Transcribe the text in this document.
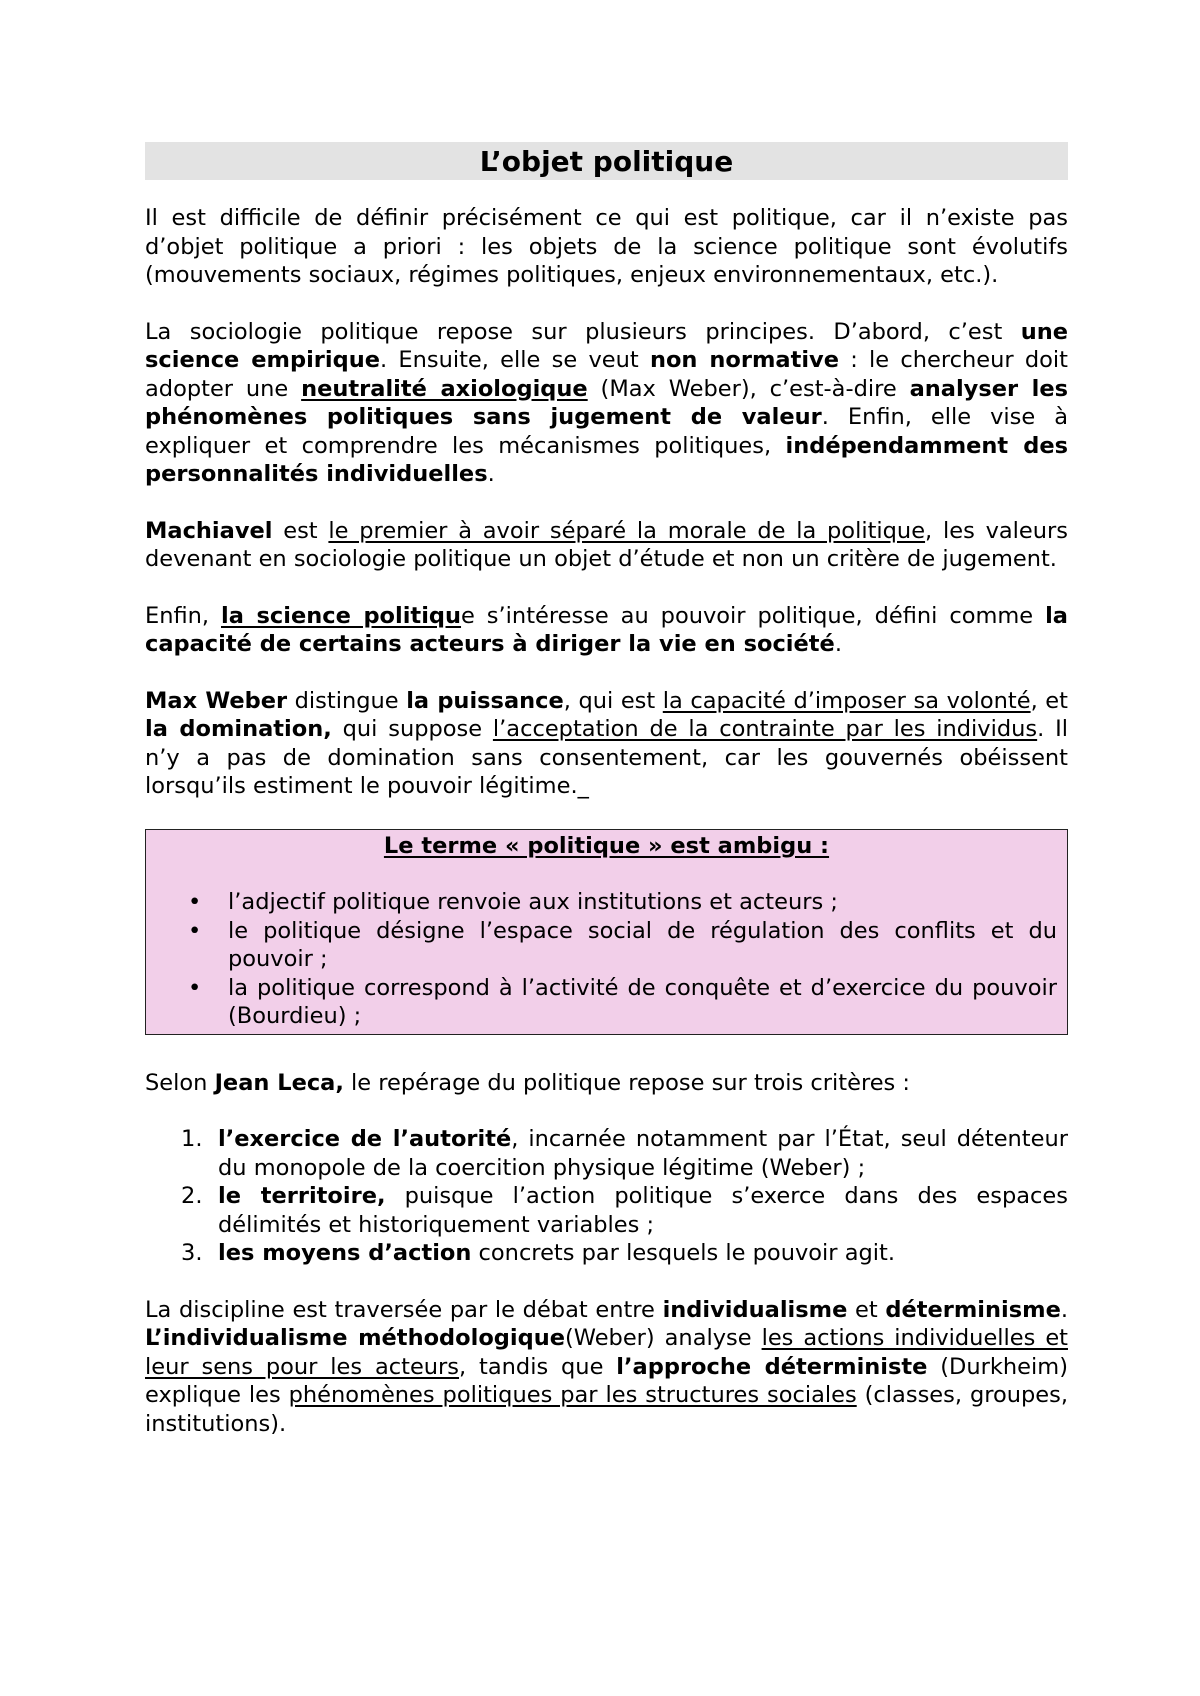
L’objet politique

Il est difficile de définir précisément ce qui est politique, car il n’existe pas d’objet politique a priori : les objets de la science politique sont évolutifs (mouvements sociaux, régimes politiques, enjeux environnementaux, etc.).

La sociologie politique repose sur plusieurs principes. D’abord, c’est une science empirique. Ensuite, elle se veut non normative : le chercheur doit adopter une neutralité axiologique (Max Weber), c’est-à-dire analyser les phénomènes politiques sans jugement de valeur. Enfin, elle vise à expliquer et comprendre les mécanismes politiques, indépendamment des personnalités individuelles.

Machiavel est le premier à avoir séparé la morale de la politique, les valeurs devenant en sociologie politique un objet d’étude et non un critère de jugement.

Enfin, la science politique s’intéresse au pouvoir politique, défini comme la capacité de certains acteurs à diriger la vie en société.

Max Weber distingue la puissance, qui est la capacité d’imposer sa volonté, et la domination, qui suppose l’acceptation de la contrainte par les individus. Il n’y a pas de domination sans consentement, car les gouvernés obéissent lorsqu’ils estiment le pouvoir légitime._

Le terme « politique » est ambigu :
• l’adjectif politique renvoie aux institutions et acteurs ;
• le politique désigne l’espace social de régulation des conflits et du pouvoir ;
• la politique correspond à l’activité de conquête et d’exercice du pouvoir (Bourdieu) ;

Selon Jean Leca, le repérage du politique repose sur trois critères :

1. l’exercice de l’autorité, incarnée notamment par l’État, seul détenteur du monopole de la coercition physique légitime (Weber) ;
2. le territoire, puisque l’action politique s’exerce dans des espaces délimités et historiquement variables ;
3. les moyens d’action concrets par lesquels le pouvoir agit.

La discipline est traversée par le débat entre individualisme et déterminisme. L’individualisme méthodologique(Weber) analyse les actions individuelles et leur sens pour les acteurs, tandis que l’approche déterministe (Durkheim) explique les phénomènes politiques par les structures sociales (classes, groupes, institutions).
